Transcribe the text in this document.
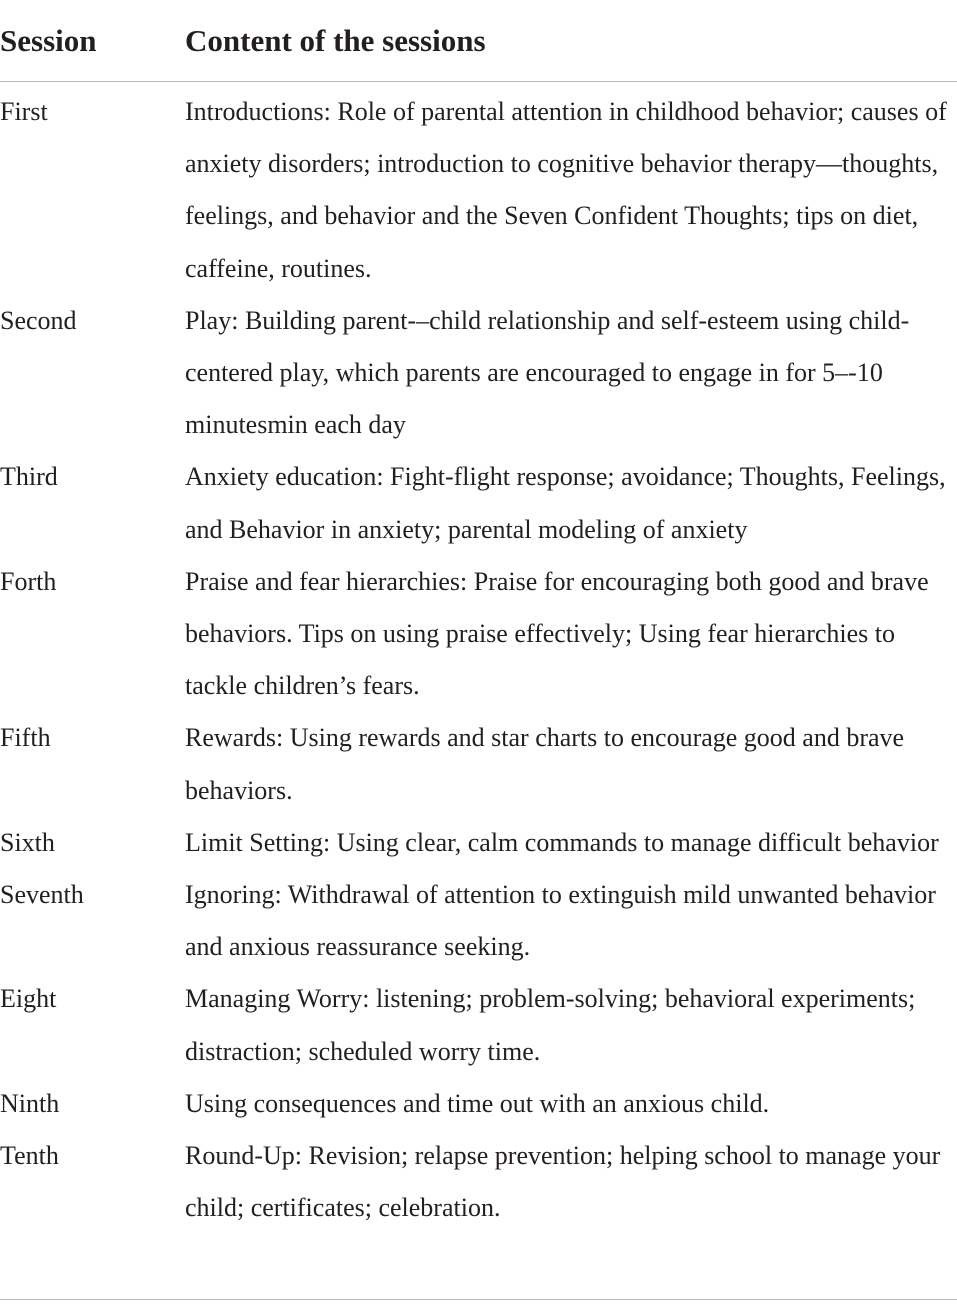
Session	Content of the sessions
First	Introductions: Role of parental attention in childhood behavior; causes of anxiety disorders; introduction to cognitive behavior therapy—thoughts, feelings, and behavior and the Seven Confident Thoughts; tips on diet, caffeine, routines.
Second	Play: Building parent-–child relationship and self-esteem using child-centered play, which parents are encouraged to engage in for 5–-10 minutesmin each day
Third	Anxiety education: Fight-flight response; avoidance; Thoughts, Feelings, and Behavior in anxiety; parental modeling of anxiety
Forth	Praise and fear hierarchies: Praise for encouraging both good and brave behaviors. Tips on using praise effectively; Using fear hierarchies to tackle children’s fears.
Fifth	Rewards: Using rewards and star charts to encourage good and brave behaviors.
Sixth	Limit Setting: Using clear, calm commands to manage difficult behavior
Seventh	Ignoring: Withdrawal of attention to extinguish mild unwanted behavior and anxious reassurance seeking.
Eight	Managing Worry: listening; problem-solving; behavioral experiments; distraction; scheduled worry time.
Ninth	Using consequences and time out with an anxious child.
Tenth	Round-Up: Revision; relapse prevention; helping school to manage your child; certificates; celebration.
